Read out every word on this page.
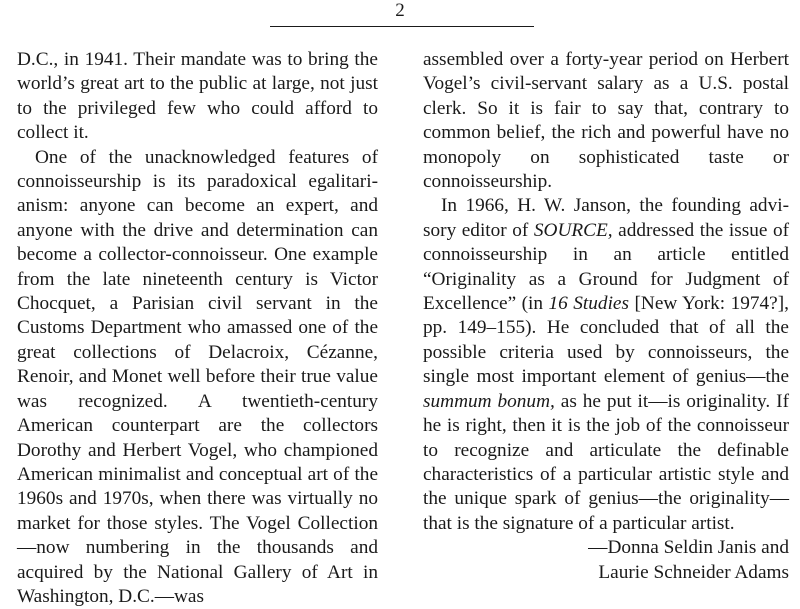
2

D.C., in 1941. Their mandate was to bring the world’s great art to the public at large, not just to the privileged few who could afford to collect it.

One of the unacknowledged features of connoisseurship is its paradoxical egalitarianism: anyone can become an expert, and anyone with the drive and determination can become a collector-connoisseur. One example from the late nineteenth century is Victor Chocquet, a Parisian civil servant in the Customs Department who amassed one of the great collections of Delacroix, Cézanne, Renoir, and Monet well before their true value was recognized. A twentieth-century American counterpart are the collectors Dorothy and Herbert Vogel, who championed American minimalist and conceptual art of the 1960s and 1970s, when there was virtually no market for those styles. The Vogel Collection—now numbering in the thousands and acquired by the National Gallery of Art in Washington, D.C.—was

assembled over a forty-year period on Herbert Vogel’s civil-servant salary as a U.S. postal clerk. So it is fair to say that, contrary to common belief, the rich and powerful have no monopoly on sophisticated taste or connoisseurship.

In 1966, H. W. Janson, the founding advisory editor of SOURCE, addressed the issue of connoisseurship in an article entitled “Originality as a Ground for Judgment of Excellence” (in 16 Studies [New York: 1974?], pp. 149–155). He concluded that of all the possible criteria used by connoisseurs, the single most important element of genius—the summum bonum, as he put it—is originality. If he is right, then it is the job of the connoisseur to recognize and articulate the definable characteristics of a particular artistic style and the unique spark of genius—the originality—that is the signature of a particular artist.

—Donna Seldin Janis and

Laurie Schneider Adams
